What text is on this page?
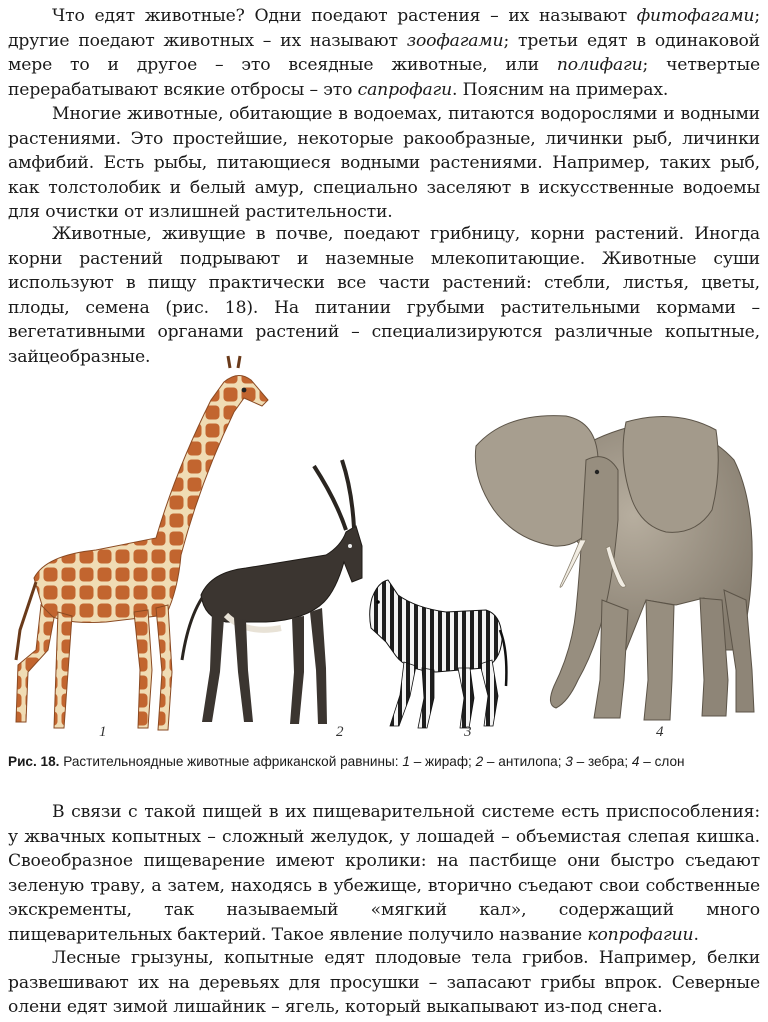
Что едят животные? Одни поедают растения – их называют фитофагами; другие поедают животных – их называют зоофагами; третьи едят в одинаковой мере то и другое – это всеядные животные, или полифаги; четвертые перерабатывают всякие отбросы – это сапрофаги. Поясним на примерах.

Многие животные, обитающие в водоемах, питаются водорослями и водными растениями. Это простейшие, некоторые ракообразные, личинки рыб, личинки амфибий. Есть рыбы, питающиеся водными растениями. Например, таких рыб, как толстолобик и белый амур, специально заселяют в искусственные водоемы для очистки от излишней растительности.

Животные, живущие в почве, поедают грибницу, корни растений. Иногда корни растений подрывают и наземные млекопитающие. Животные суши используют в пищу практически все части растений: стебли, листья, цветы, плоды, семена (рис. 18). На питании грубыми растительными кормами – вегетативными органами растений – специализируются различные копытные, зайцеобразные.

1	2	3	4
Рис. 18. Растительноядные животные африканской равнины: 1 – жираф; 2 – антилопа; 3 – зебра; 4 – слон

В связи с такой пищей в их пищеварительной системе есть приспособления: у жвачных копытных – сложный желудок, у лошадей – объемистая слепая кишка. Своеобразное пищеварение имеют кролики: на пастбище они быстро съедают зеленую траву, а затем, находясь в убежище, вторично съедают свои собственные экскременты, так называемый «мягкий кал», содержащий много пищеварительных бактерий. Такое явление получило название копрофагии.

Лесные грызуны, копытные едят плодовые тела грибов. Например, белки развешивают их на деревьях для просушки – запасают грибы впрок. Северные олени едят зимой лишайник – ягель, который выкапывают из-под снега.
